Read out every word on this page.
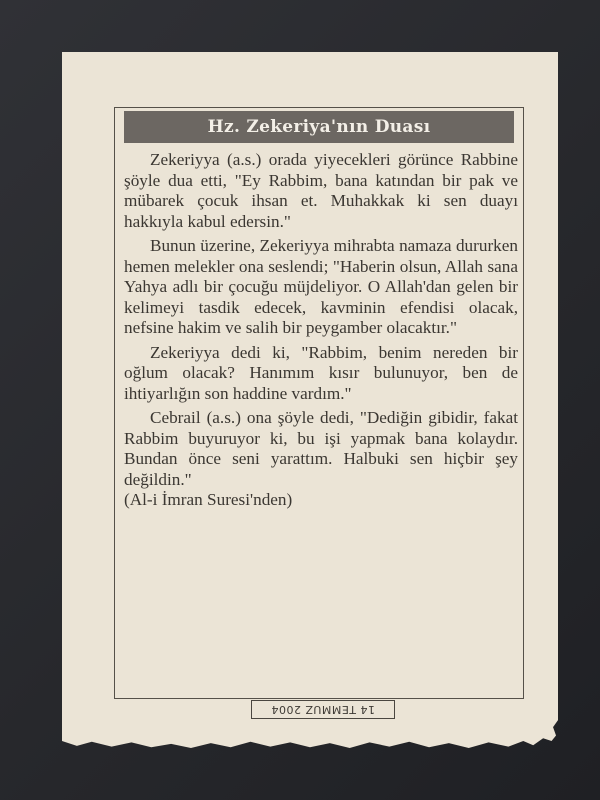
Hz. Zekeriya'nın Duası

Zekeriyya (a.s.) orada yiyecekleri görünce Rabbine şöyle dua etti, "Ey Rabbim, bana katından bir pak ve mübarek çocuk ihsan et. Muhakkak ki sen duayı hakkıyla kabul edersin."

Bunun üzerine, Zekeriyya mihrabta namaza dururken hemen melekler ona seslendi; "Haberin olsun, Allah sana Yahya adlı bir çocuğu müjdeliyor. O Allah'dan gelen bir kelimeyi tasdik edecek, kavminin efendisi olacak, nefsine hakim ve salih bir peygamber olacaktır."

Zekeriyya dedi ki, "Rabbim, benim nereden bir oğlum olacak? Hanımım kısır bulunuyor, ben de ihtiyarlığın son haddine vardım."

Cebrail (a.s.) ona şöyle dedi, "Dediğin gibidir, fakat Rabbim buyuruyor ki, bu işi yapmak bana kolaydır. Bundan önce seni yarattım. Halbuki sen hiçbir şey değildin."

(Al-i İmran Suresi'nden)

14 TEMMUZ 2004
